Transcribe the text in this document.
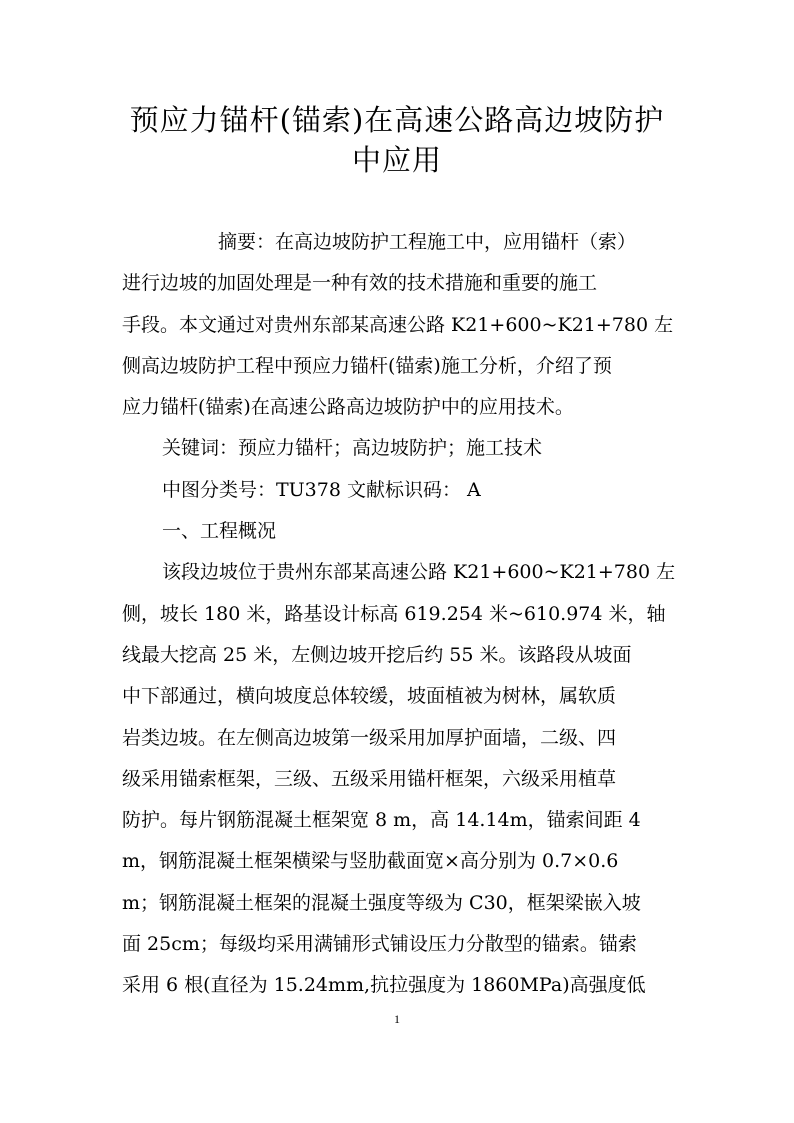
预应力锚杆(锚索)在高速公路高边坡防护
中应用
摘要：在高边坡防护工程施工中，应用锚杆（索）
进行边坡的加固处理是一种有效的技术措施和重要的施工
手段。本文通过对贵州东部某高速公路 K21+600~K21+780 左
侧高边坡防护工程中预应力锚杆(锚索)施工分析，介绍了预
应力锚杆(锚索)在高速公路高边坡防护中的应用技术。
关键词：预应力锚杆；高边坡防护；施工技术
中图分类号：TU378 文献标识码： A
一、工程概况
该段边坡位于贵州东部某高速公路 K21+600~K21+780 左
侧，坡长 180 米，路基设计标高 619.254 米~610.974 米，轴
线最大挖高 25 米，左侧边坡开挖后约 55 米。该路段从坡面
中下部通过，横向坡度总体较缓，坡面植被为树林，属软质
岩类边坡。在左侧高边坡第一级采用加厚护面墙，二级、四
级采用锚索框架，三级、五级采用锚杆框架，六级采用植草
防护。每片钢筋混凝土框架宽 8 m，高 14.14m，锚索间距 4
m，钢筋混凝土框架横梁与竖肋截面宽×高分别为 0.7×0.6
m；钢筋混凝土框架的混凝土强度等级为 C30，框架梁嵌入坡
面 25cm；每级均采用满铺形式铺设压力分散型的锚索。锚索
采用 6 根(直径为 15.24mm,抗拉强度为 1860MPa)高强度低
1
